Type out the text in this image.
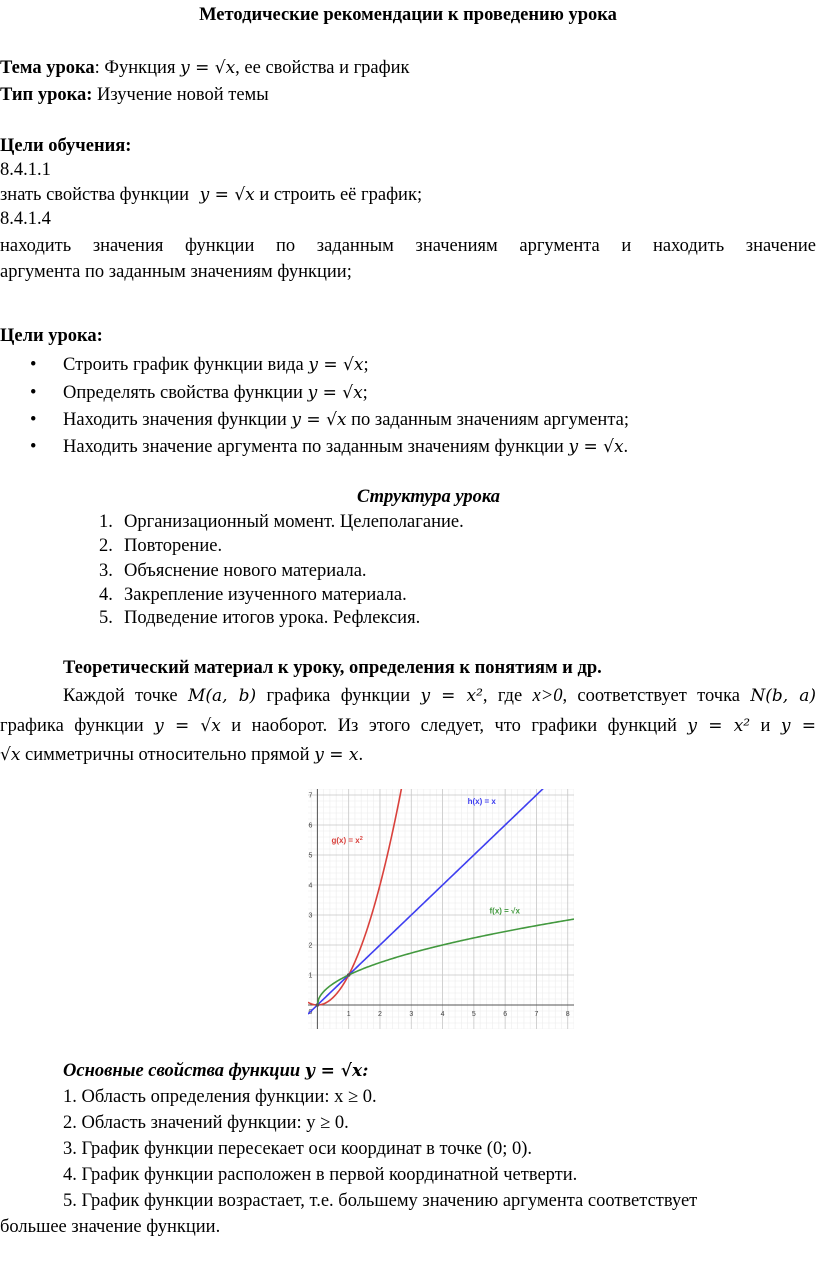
Методические рекомендации к проведению урока
Тема урока: Функция y = √x, ее свойства и график
Тип урока: Изучение новой темы
Цели обучения:
8.4.1.1
знать свойства функции y = √x и строить её график;
8.4.1.4
находить значения функции по заданным значениям аргумента и находить значение
аргумента по заданным значениям функции;
Цели урока:
• Строить график функции вида y = √x;
• Определять свойства функции y = √x;
• Находить значения функции y = √x по заданным значениям аргумента;
• Находить значение аргумента по заданным значениям функции y = √x.
Структура урока
1. Организационный момент. Целеполагание.
2. Повторение.
3. Объяснение нового материала.
4. Закрепление изученного материала.
5. Подведение итогов урока. Рефлексия.
Теоретический материал к уроку, определения к понятиям и др.
Каждой точке M(a, b) графика функции y = x², где x>0, соответствует точка N(b, a)
графика функции y = √x и наоборот. Из этого следует, что графики функций y = x² и y =
√x симметричны относительно прямой y = x.
1	2	3	4	5	6	7	8
1
2
3
4
5
6
7
0
$g(x) = x^2$
h(x) = x
f(x) = √x
Основные свойства функции y = √x:
1. Область определения функции: x ≥ 0.
2. Область значений функции: y ≥ 0.
3. График функции пересекает оси координат в точке (0; 0).
4. График функции расположен в первой координатной четверти.
5. График функции возрастает, т.е. большему значению аргумента соответствует
большее значение функции.
